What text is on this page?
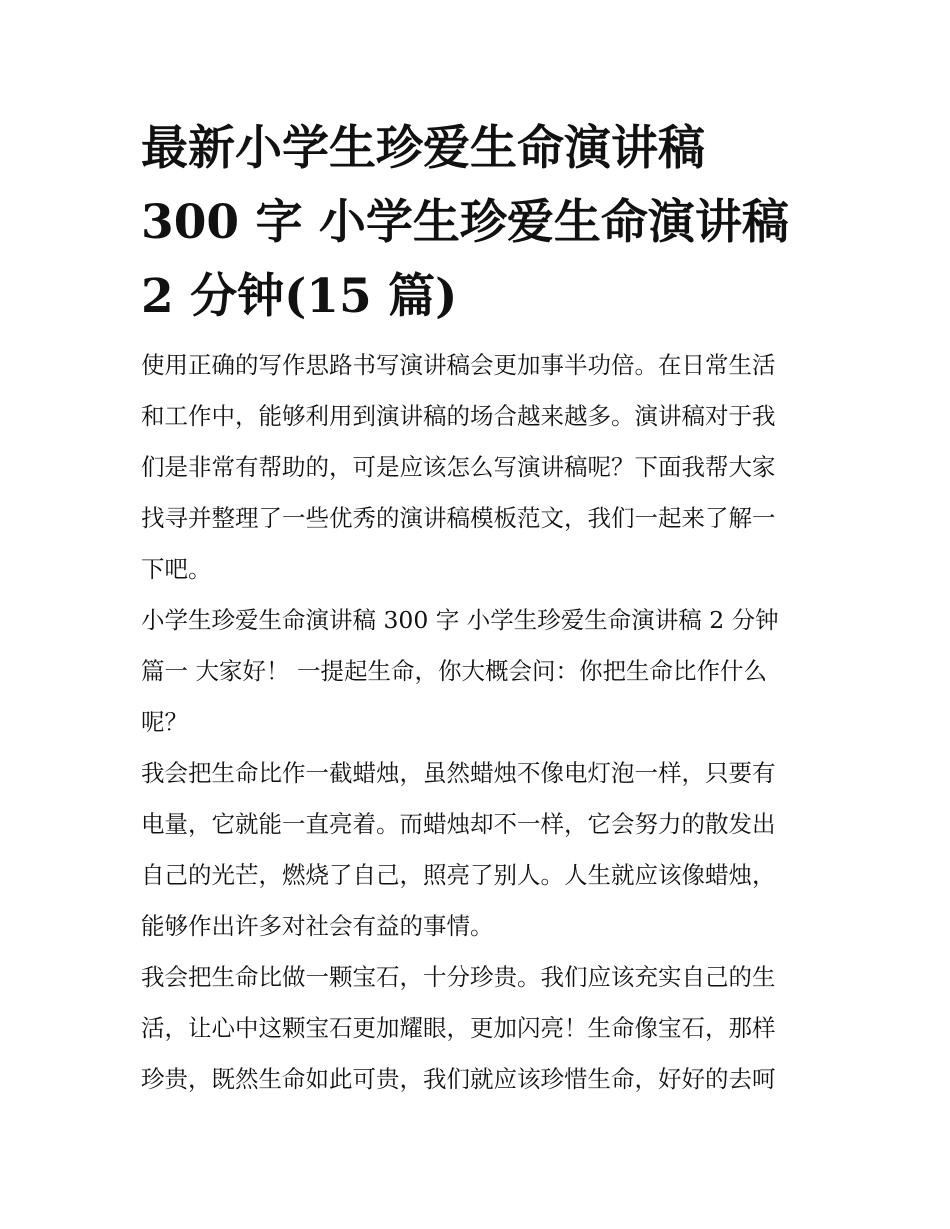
最新小学生珍爱生命演讲稿
300 字 小学生珍爱生命演讲稿
2 分钟(15 篇)

使用正确的写作思路书写演讲稿会更加事半功倍。在日常生活
和工作中，能够利用到演讲稿的场合越来越多。演讲稿对于我
们是非常有帮助的，可是应该怎么写演讲稿呢？下面我帮大家
找寻并整理了一些优秀的演讲稿模板范文，我们一起来了解一
下吧。

小学生珍爱生命演讲稿 300 字 小学生珍爱生命演讲稿 2 分钟
篇一 大家好！ 一提起生命，你大概会问：你把生命比作什么
呢？

我会把生命比作一截蜡烛，虽然蜡烛不像电灯泡一样，只要有
电量，它就能一直亮着。而蜡烛却不一样，它会努力的散发出
自己的光芒，燃烧了自己，照亮了别人。人生就应该像蜡烛，
能够作出许多对社会有益的事情。

我会把生命比做一颗宝石，十分珍贵。我们应该充实自己的生
活，让心中这颗宝石更加耀眼，更加闪亮！生命像宝石，那样
珍贵，既然生命如此可贵，我们就应该珍惜生命，好好的去呵
